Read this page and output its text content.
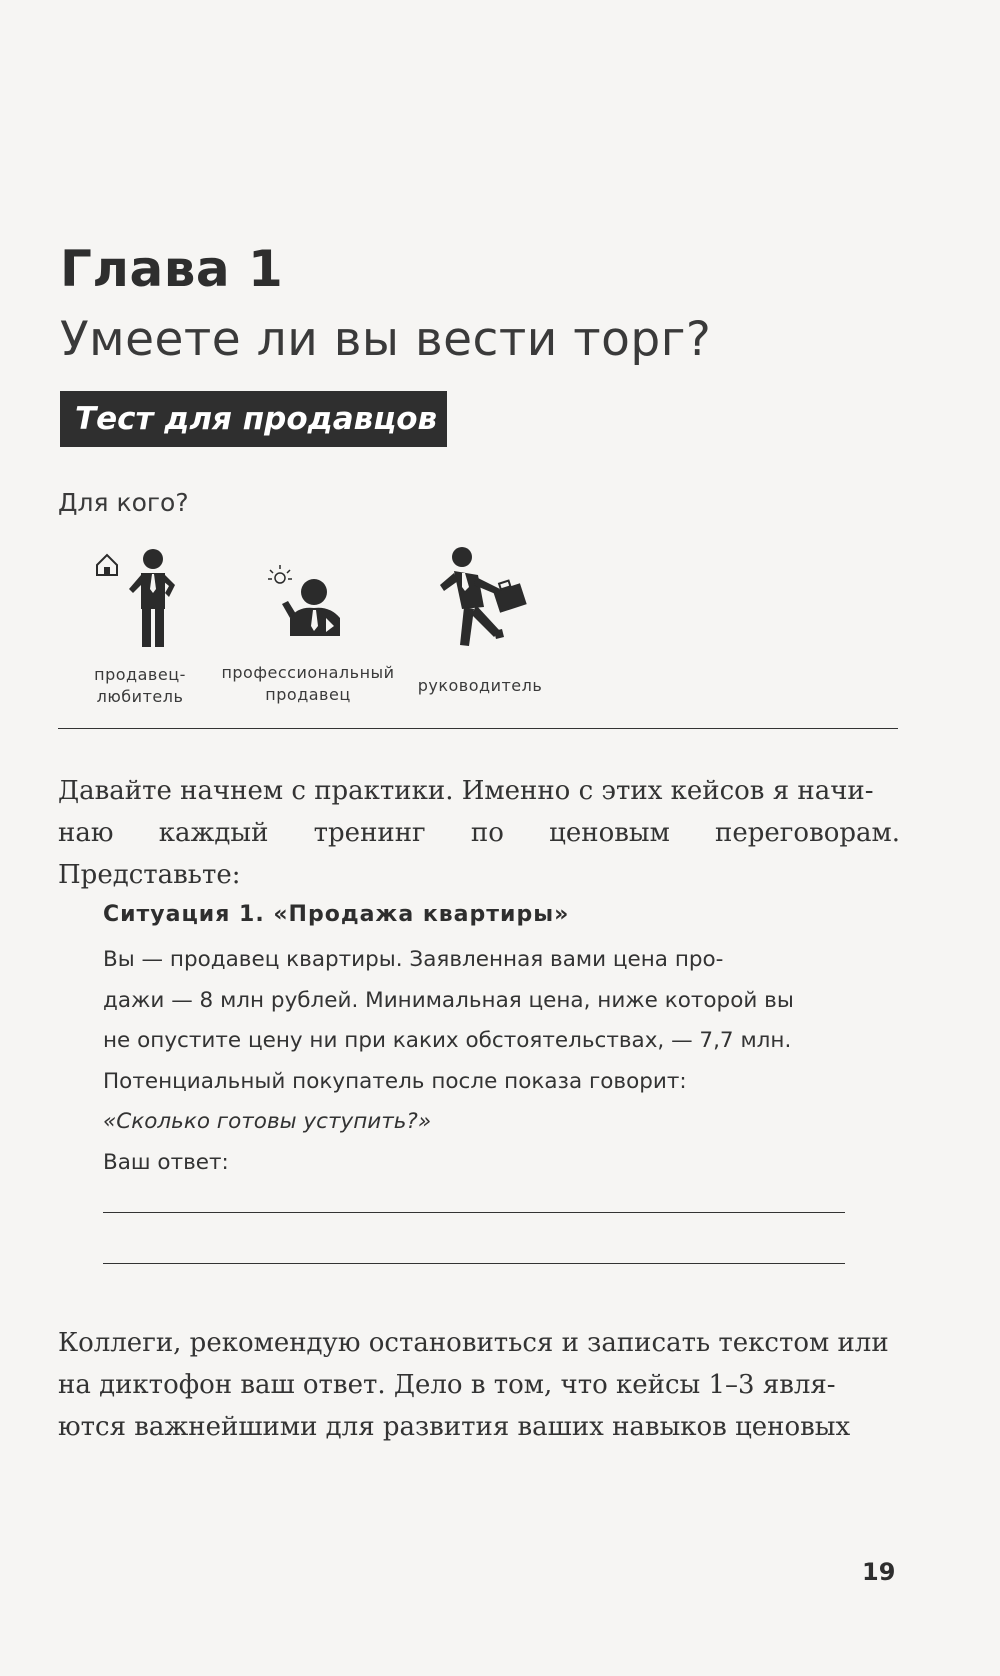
Глава 1
Умеете ли вы вести торг?
Тест для продавцов
Для кого?
продавец-
любитель
профессиональный
продавец	руководитель
Давайте начнем с практики. Именно с этих кейсов я начи-
наю каждый тренинг по ценовым переговорам. Представьте:
Ситуация 1. «Продажа квартиры»
Вы — продавец квартиры. Заявленная вами цена про-
дажи — 8 млн рублей. Минимальная цена, ниже которой вы
не опустите цену ни при каких обстоятельствах, — 7,7 млн.
Потенциальный покупатель после показа говорит:
«Сколько готовы уступить?»
Ваш ответ:
Коллеги, рекомендую остановиться и записать текстом или
на диктофон ваш ответ. Дело в том, что кейсы 1–3 явля-
ются важнейшими для развития ваших навыков ценовых
19
